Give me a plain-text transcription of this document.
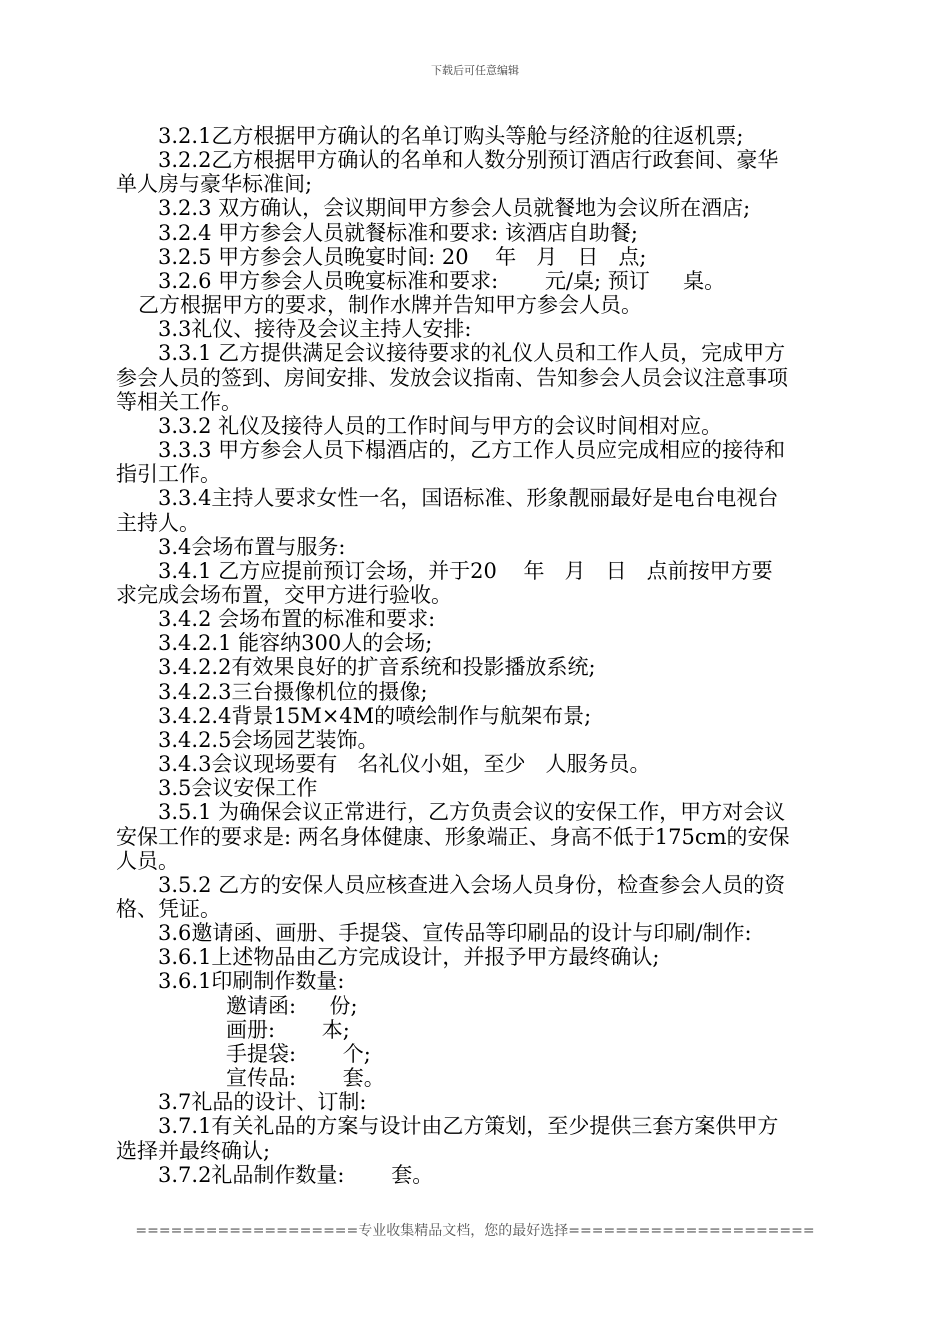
下载后可任意编辑

3.2.1乙方根据甲方确认的名单订购头等舱与经济舱的往返机票;

3.2.2乙方根据甲方确认的名单和人数分别预订酒店行政套间、豪华

单人房与豪华标准间;

3.2.3 双方确认，会议期间甲方参会人员就餐地为会议所在酒店;

3.2.4 甲方参会人员就餐标准和要求: 该酒店自助餐;

3.2.5 甲方参会人员晚宴时间: 20    年   月   日   点;

3.2.6 甲方参会人员晚宴标准和要求:       元/桌; 预订     桌。

乙方根据甲方的要求，制作水牌并告知甲方参会人员。

3.3礼仪、接待及会议主持人安排:

3.3.1 乙方提供满足会议接待要求的礼仪人员和工作人员，完成甲方

参会人员的签到、房间安排、发放会议指南、告知参会人员会议注意事项

等相关工作。

3.3.2 礼仪及接待人员的工作时间与甲方的会议时间相对应。

3.3.3 甲方参会人员下榻酒店的，乙方工作人员应完成相应的接待和

指引工作。

3.3.4主持人要求女性一名，国语标准、形象靓丽最好是电台电视台

主持人。

3.4会场布置与服务:

3.4.1 乙方应提前预订会场，并于20    年   月   日   点前按甲方要

求完成会场布置，交甲方进行验收。

3.4.2 会场布置的标准和要求:

3.4.2.1 能容纳300人的会场;

3.4.2.2有效果良好的扩音系统和投影播放系统;

3.4.2.3三台摄像机位的摄像;

3.4.2.4背景15M×4M的喷绘制作与航架布景;

3.4.2.5会场园艺装饰。

3.4.3会议现场要有   名礼仪小姐，至少   人服务员。

3.5会议安保工作

3.5.1 为确保会议正常进行，乙方负责会议的安保工作，甲方对会议

安保工作的要求是: 两名身体健康、形象端正、身高不低于175cm的安保

人员。

3.5.2 乙方的安保人员应核查进入会场人员身份，检查参会人员的资

格、凭证。

3.6邀请函、画册、手提袋、宣传品等印刷品的设计与印刷/制作:

3.6.1上述物品由乙方完成设计，并报予甲方最终确认;

3.6.1印刷制作数量:

邀请函:     份;

画册:       本;

手提袋:       个;

宣传品:       套。

3.7礼品的设计、订制:

3.7.1有关礼品的方案与设计由乙方策划，至少提供三套方案供甲方

选择并最终确认;

3.7.2礼品制作数量:       套。

===================专业收集精品文档，您的最好选择=====================
